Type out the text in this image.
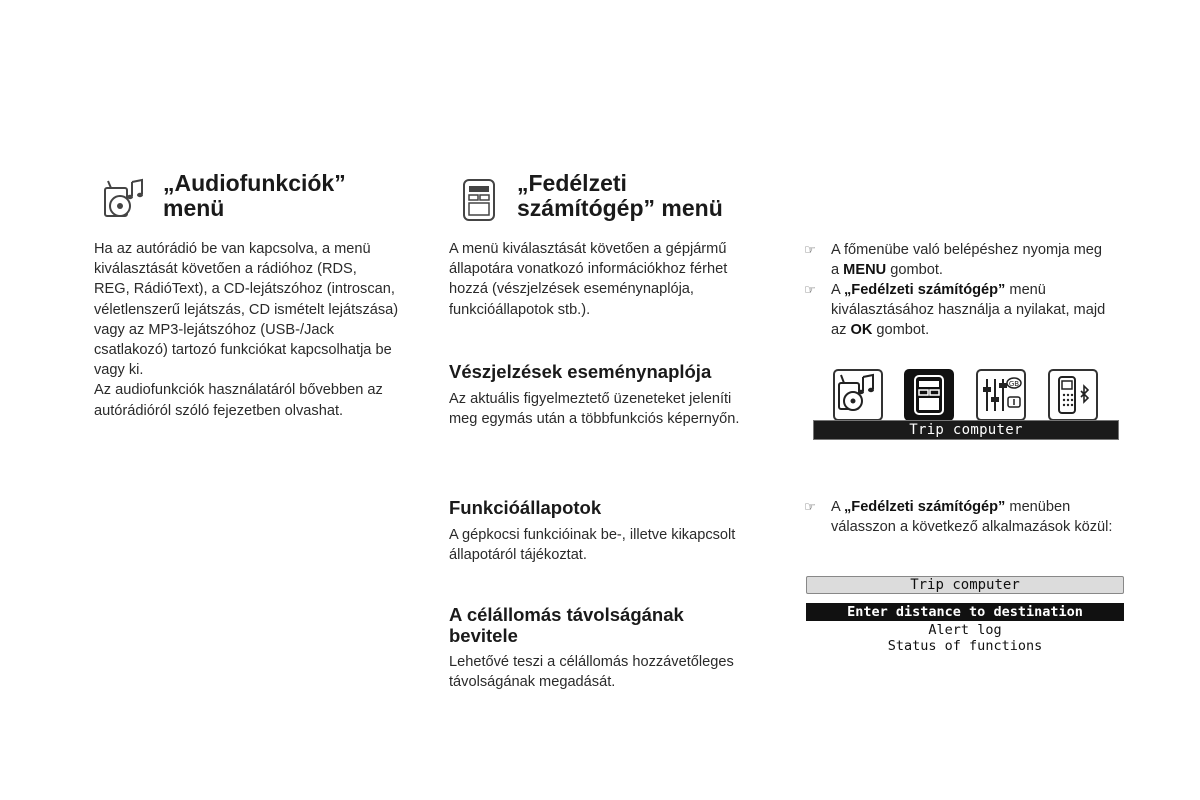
„Audiofunkciók”
menü

Ha az autórádió be van kapcsolva, a menü

kiválasztását követően a rádióhoz (RDS,

REG, RádióText), a CD-lejátszóhoz (introscan,

véletlenszerű lejátszás, CD ismételt lejátszása)

vagy az MP3-lejátszóhoz (USB-/Jack

csatlakozó) tartozó funkciókat kapcsolhatja be

vagy ki.

Az audiofunkciók használatáról bővebben az

autórádióról szóló fejezetben olvashat.

„Fedélzeti
számítógép” menü

A menü kiválasztását követően a gépjármű

állapotára vonatkozó információkhoz férhet

hozzá (vészjelzések eseménynaplója,

funkcióállapotok stb.).

Vészjelzések eseménynaplója

Az aktuális figyelmeztető üzeneteket jeleníti

meg egymás után a többfunkciós képernyőn.

Funkcióállapotok

A gépkocsi funkcióinak be-, illetve kikapcsolt

állapotáról tájékoztat.

A célállomás távolságának
bevitele

Lehetővé teszi a célállomás hozzávetőleges

távolságának megadását.

☞ A főmenübe való belépéshez nyomja meg
a MENU gombot.
☞ A „Fedélzeti számítógép” menü
kiválasztásához használja a nyilakat, majd
az OK gombot.
GB
Trip computer
☞ A „Fedélzeti számítógép” menüben
válasszon a következő alkalmazások közül:
Trip computer
Enter distance to destination
Alert log
Status of functions
